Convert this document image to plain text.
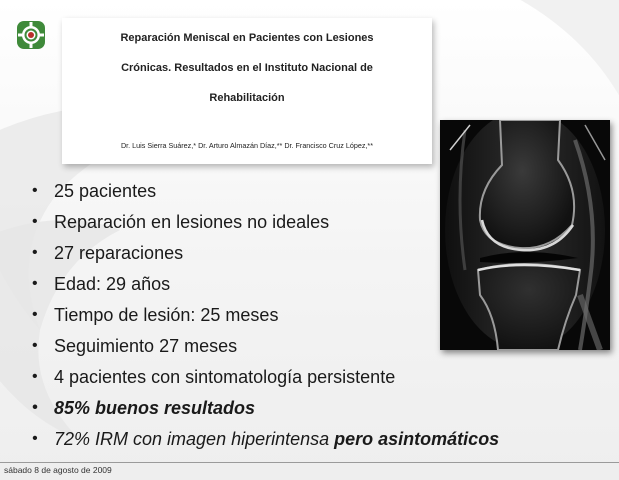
Reparación Meniscal en Pacientes con Lesiones
Crónicas. Resultados en el Instituto Nacional de
Rehabilitación
Dr. Luis Sierra Suárez,* Dr. Arturo Almazán Díaz,** Dr. Francisco Cruz López,**
• 25 pacientes
• Reparación en lesiones no ideales
• 27 reparaciones
• Edad: 29 años
• Tiempo de lesión: 25 meses
• Seguimiento 27 meses
• 4 pacientes con sintomatología persistente
• 85% buenos resultados
• 72% IRM con imagen hiperintensa pero asintomáticos
sábado 8 de agosto de 2009
